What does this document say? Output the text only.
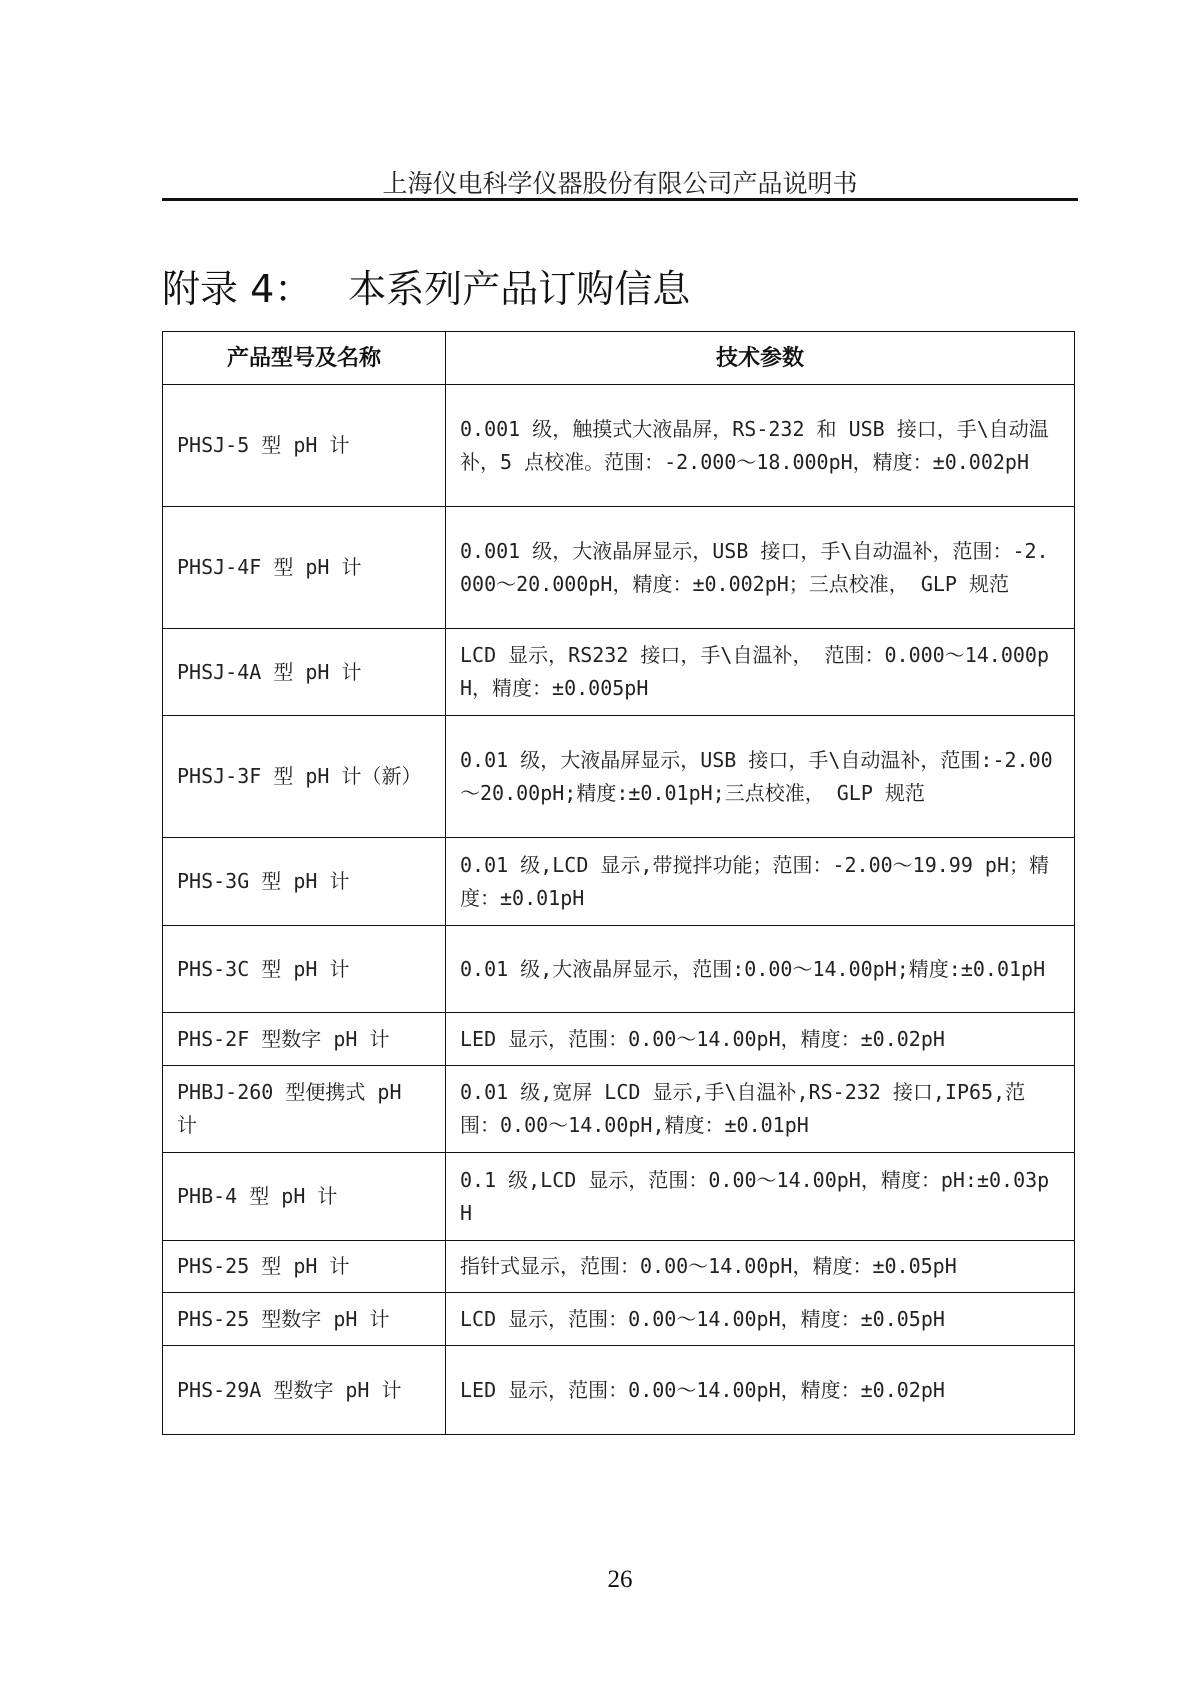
上海仪电科学仪器股份有限公司产品说明书
附录 4： 本系列产品订购信息
产品型号及名称	技术参数
PHSJ-5 型 pH 计	0.001 级，触摸式大液晶屏，RS-232 和 USB 接口，手\自动温补，5 点校准。范围：-2.000～18.000pH，精度：±0.002pH
PHSJ-4F 型 pH 计	0.001 级，大液晶屏显示，USB 接口，手\自动温补，范围：-2.000～20.000pH，精度：±0.002pH；三点校准， GLP 规范
PHSJ-4A 型 pH 计	LCD 显示，RS232 接口，手\自温补， 范围：0.000～14.000pH，精度：±0.005pH
PHSJ-3F 型 pH 计（新）	0.01 级，大液晶屏显示，USB 接口，手\自动温补，范围:-2.00～20.00pH;精度:±0.01pH;三点校准， GLP 规范
PHS-3G 型 pH 计	0.01 级,LCD 显示,带搅拌功能；范围：-2.00～19.99 pH；精度：±0.01pH
PHS-3C 型 pH 计	0.01 级,大液晶屏显示，范围:0.00～14.00pH;精度:±0.01pH
PHS-2F 型数字 pH 计	LED 显示，范围：0.00～14.00pH，精度：±0.02pH
PHBJ-260 型便携式 pH 计	0.01 级,宽屏 LCD 显示,手\自温补,RS-232 接口,IP65,范围：0.00～14.00pH,精度：±0.01pH
PHB-4 型 pH 计	0.1 级,LCD 显示，范围：0.00～14.00pH，精度：pH:±0.03pH
PHS-25 型 pH 计	指针式显示，范围：0.00～14.00pH，精度：±0.05pH
PHS-25 型数字 pH 计	LCD 显示，范围：0.00～14.00pH，精度：±0.05pH
PHS-29A 型数字 pH 计	LED 显示，范围：0.00～14.00pH，精度：±0.02pH
26
